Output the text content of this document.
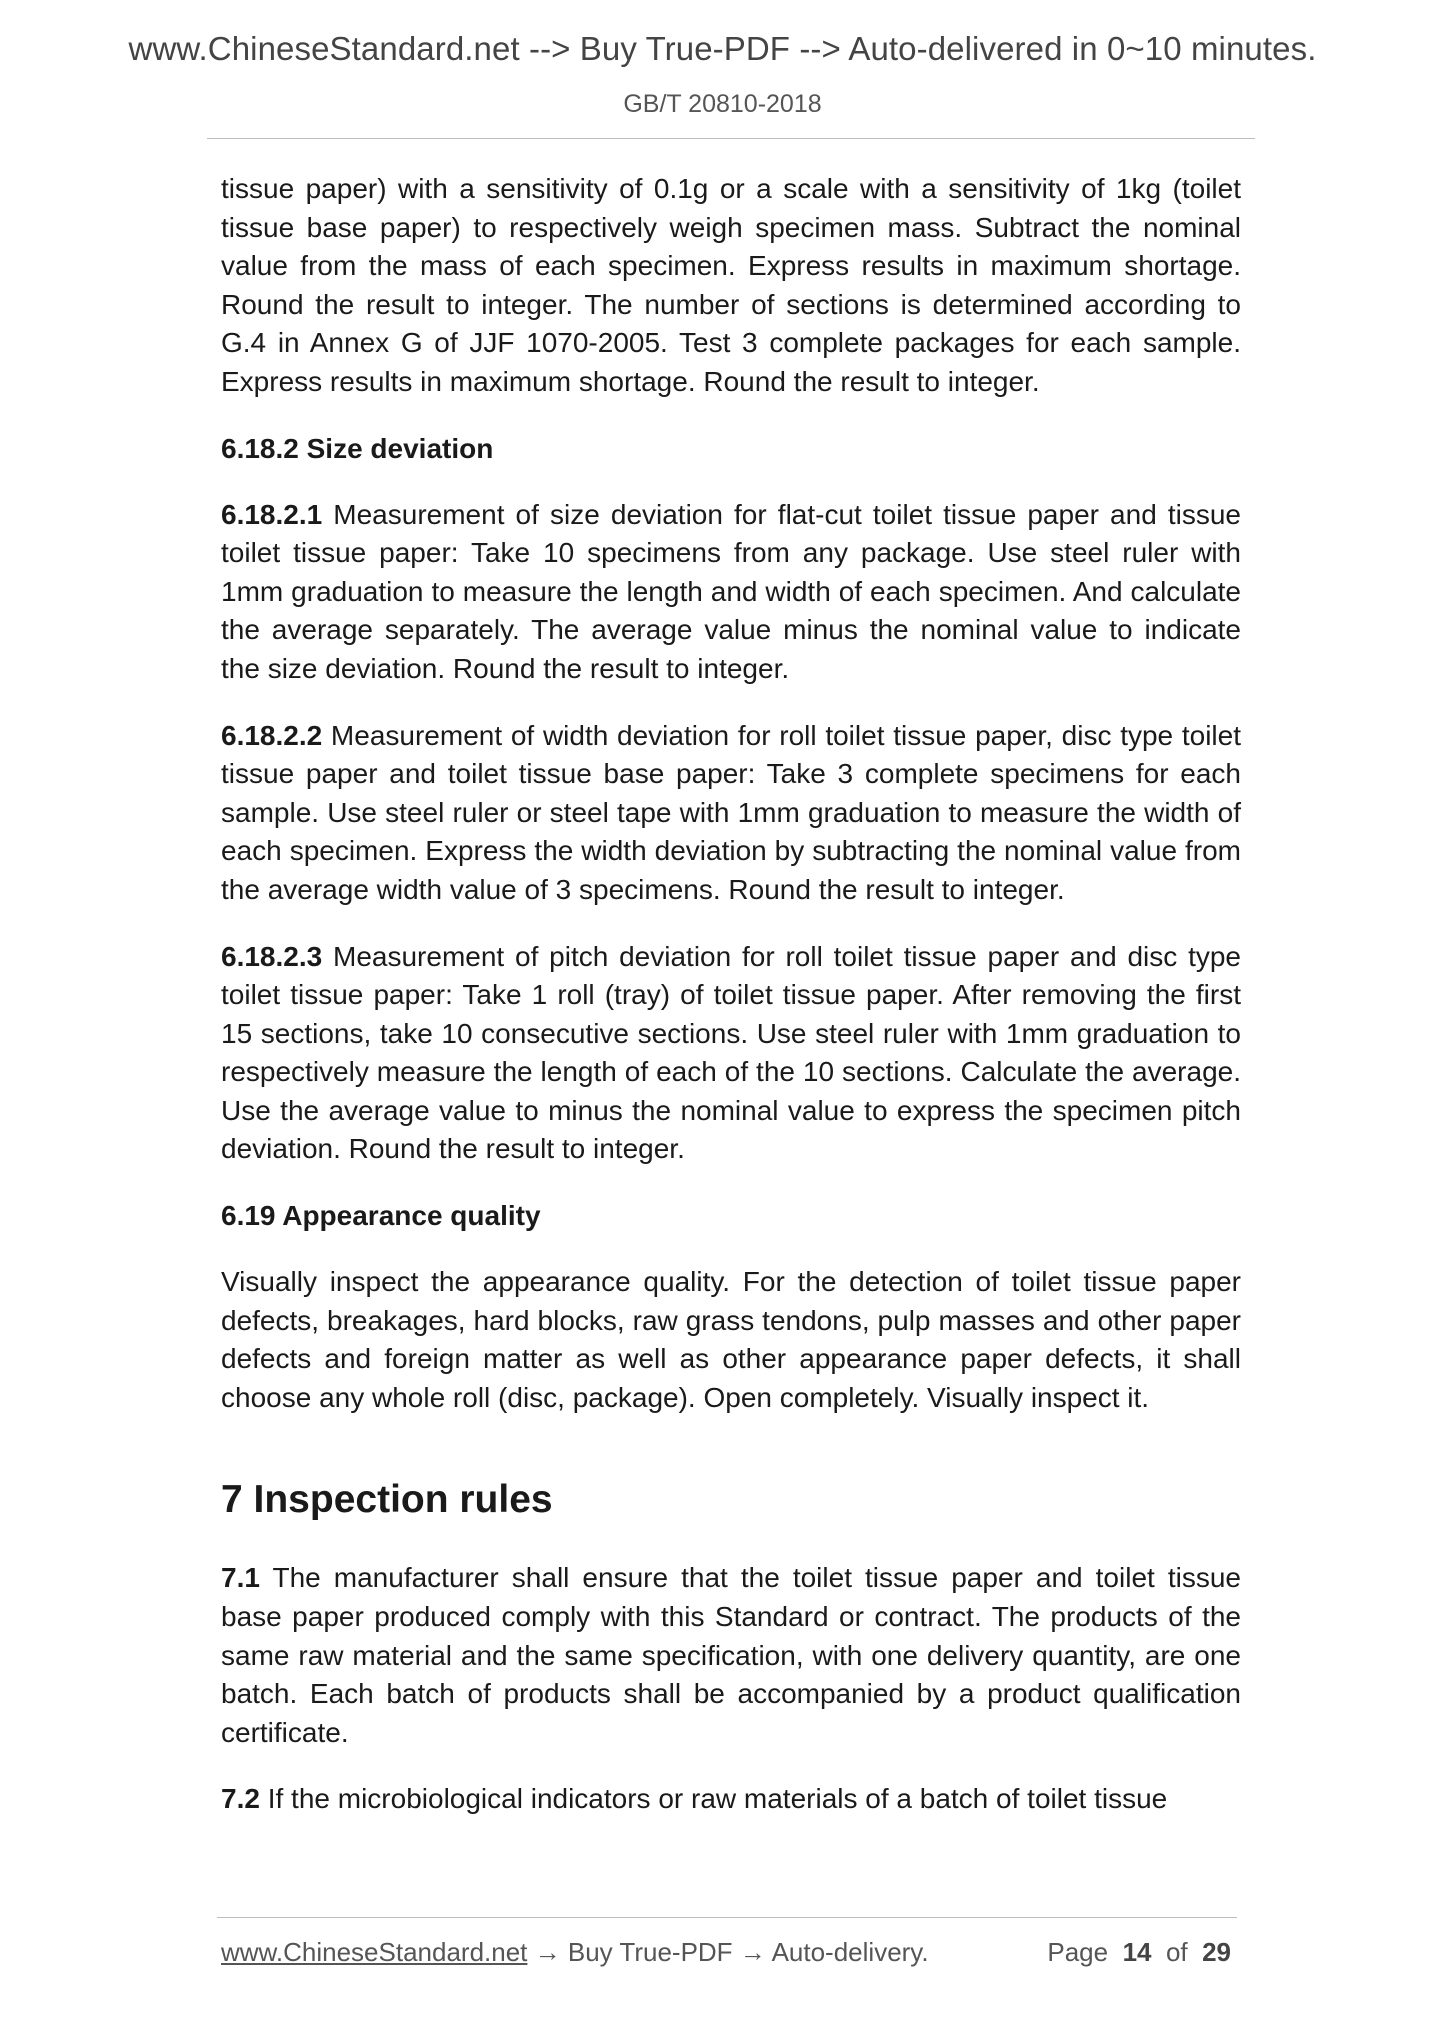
www.ChineseStandard.net --> Buy True-PDF --> Auto-delivered in 0~10 minutes.
GB/T 20810-2018

tissue paper) with a sensitivity of 0.1g or a scale with a sensitivity of 1kg (toilet tissue base paper) to respectively weigh specimen mass. Subtract the nominal value from the mass of each specimen. Express results in maximum shortage. Round the result to integer. The number of sections is determined according to G.4 in Annex G of JJF 1070-2005. Test 3 complete packages for each sample. Express results in maximum shortage. Round the result to integer.

6.18.2 Size deviation

6.18.2.1 Measurement of size deviation for flat-cut toilet tissue paper and tissue toilet tissue paper: Take 10 specimens from any package. Use steel ruler with 1mm graduation to measure the length and width of each specimen. And calculate the average separately. The average value minus the nominal value to indicate the size deviation. Round the result to integer.

6.18.2.2 Measurement of width deviation for roll toilet tissue paper, disc type toilet tissue paper and toilet tissue base paper: Take 3 complete specimens for each sample. Use steel ruler or steel tape with 1mm graduation to measure the width of each specimen. Express the width deviation by subtracting the nominal value from the average width value of 3 specimens. Round the result to integer.

6.18.2.3 Measurement of pitch deviation for roll toilet tissue paper and disc type toilet tissue paper: Take 1 roll (tray) of toilet tissue paper. After removing the first 15 sections, take 10 consecutive sections. Use steel ruler with 1mm graduation to respectively measure the length of each of the 10 sections. Calculate the average. Use the average value to minus the nominal value to express the specimen pitch deviation. Round the result to integer.

6.19 Appearance quality

Visually inspect the appearance quality. For the detection of toilet tissue paper defects, breakages, hard blocks, raw grass tendons, pulp masses and other paper defects and foreign matter as well as other appearance paper defects, it shall choose any whole roll (disc, package). Open completely. Visually inspect it.

7 Inspection rules

7.1 The manufacturer shall ensure that the toilet tissue paper and toilet tissue base paper produced comply with this Standard or contract. The products of the same raw material and the same specification, with one delivery quantity, are one batch. Each batch of products shall be accompanied by a product qualification certificate.

7.2 If the microbiological indicators or raw materials of a batch of toilet tissue

www.ChineseStandard.net → Buy True-PDF → Auto-delivery.	Page 14 of 29
